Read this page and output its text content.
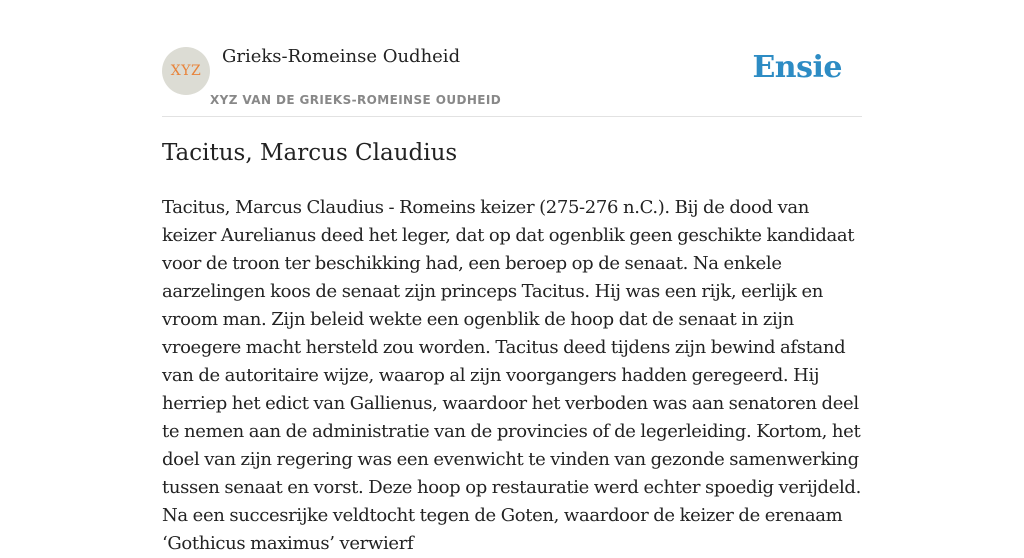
XYZ
Grieks-Romeinse Oudheid
XYZ VAN DE GRIEKS-ROMEINSE OUDHEID
Ensie
Tacitus, Marcus Claudius

Tacitus, Marcus Claudius - Romeins keizer (275-276 n.C.). Bij de dood van keizer Aurelianus deed het leger, dat op dat ogenblik geen geschikte kandidaat voor de troon ter beschikking had, een beroep op de senaat. Na enkele aarzelingen koos de senaat zijn princeps Tacitus. Hij was een rijk, eerlijk en vroom man. Zijn beleid wekte een ogenblik de hoop dat de senaat in zijn vroegere macht hersteld zou worden. Tacitus deed tijdens zijn bewind afstand van de autoritaire wijze, waarop al zijn voorgangers hadden geregeerd. Hij herriep het edict van Gallienus, waardoor het verboden was aan senatoren deel te nemen aan de administratie van de provincies of de legerleiding. Kortom, het doel van zijn regering was een evenwicht te vinden van gezonde samenwerking tussen senaat en vorst. Deze hoop op restauratie werd echter spoedig verijdeld. Na een succesrijke veldtocht tegen de Goten, waardoor de keizer de erenaam ‘Gothicus maximus’ verwierf
